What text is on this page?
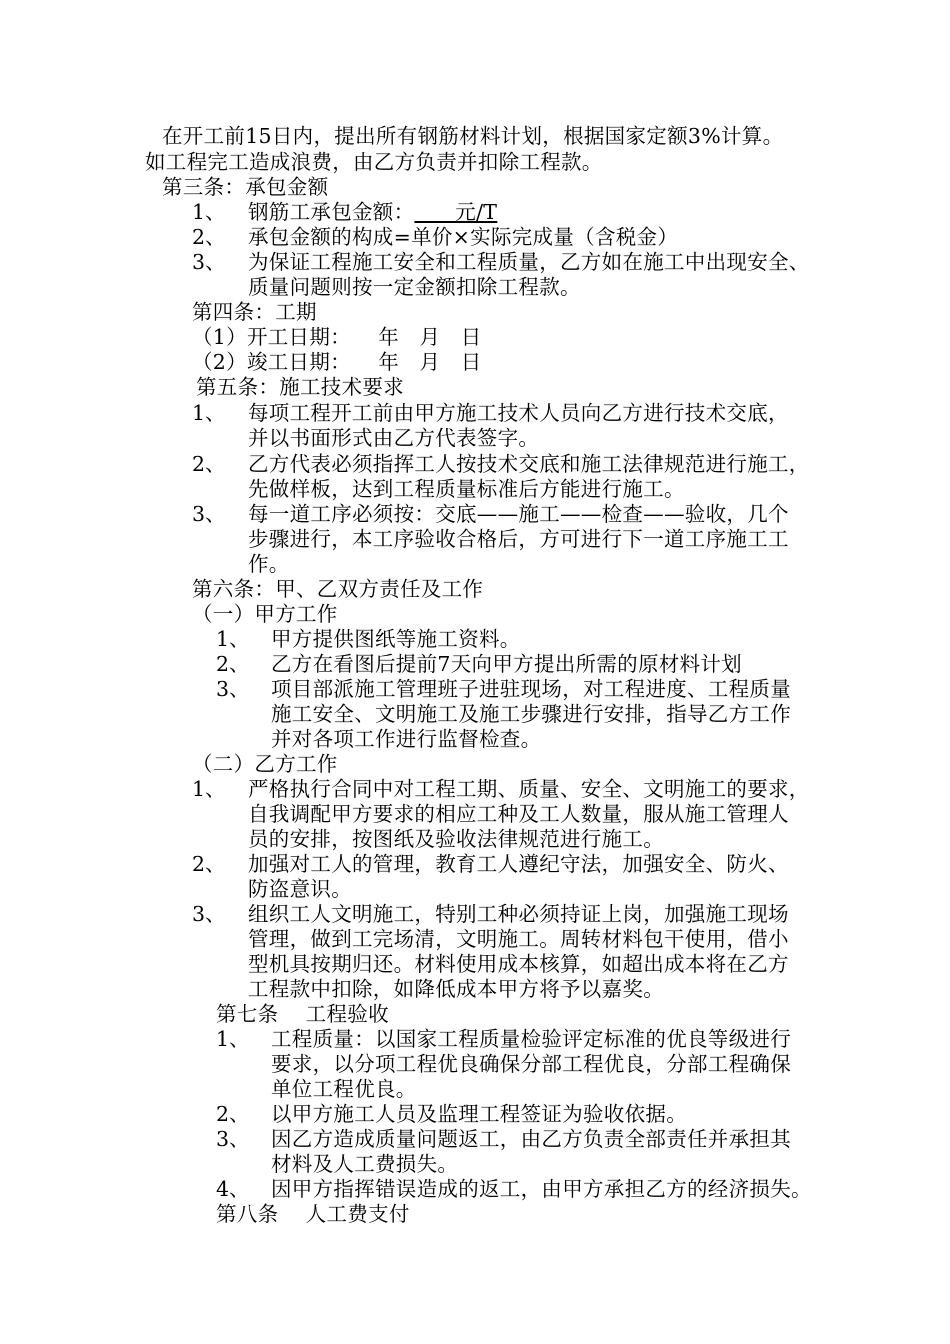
在开工前15日内，提出所有钢筋材料计划，根据国家定额3%计算。

如工程完工造成浪费，由乙方负责并扣除工程款。

第三条：承包金额

1、 钢筋工承包金额：      元/T

2、 承包金额的构成=单价×实际完成量（含税金）

3、 为保证工程施工安全和工程质量，乙方如在施工中出现安全、

质量问题则按一定金额扣除工程款。

第四条：工期

（1）开工日期：    年   月   日

（2）竣工日期：    年   月   日

第五条：施工技术要求

1、 每项工程开工前由甲方施工技术人员向乙方进行技术交底，

并以书面形式由乙方代表签字。

2、 乙方代表必须指挥工人按技术交底和施工法律规范进行施工，

先做样板，达到工程质量标准后方能进行施工。

3、 每一道工序必须按：交底——施工——检查——验收，几个

步骤进行，本工序验收合格后，方可进行下一道工序施工工

作。

第六条：甲、乙双方责任及工作

（一）甲方工作

1、 甲方提供图纸等施工资料。

2、 乙方在看图后提前7天向甲方提出所需的原材料计划

3、 项目部派施工管理班子进驻现场，对工程进度、工程质量

施工安全、文明施工及施工步骤进行安排，指导乙方工作

并对各项工作进行监督检查。

（二）乙方工作

1、 严格执行合同中对工程工期、质量、安全、文明施工的要求，

自我调配甲方要求的相应工种及工人数量，服从施工管理人

员的安排，按图纸及验收法律规范进行施工。

2、 加强对工人的管理，教育工人遵纪守法，加强安全、防火、

防盗意识。

3、 组织工人文明施工，特别工种必须持证上岗，加强施工现场

管理，做到工完场清，文明施工。周转材料包干使用，借小

型机具按期归还。材料使用成本核算，如超出成本将在乙方

工程款中扣除，如降低成本甲方将予以嘉奖。

第七条    工程验收

1、 工程质量：以国家工程质量检验评定标准的优良等级进行

要求，以分项工程优良确保分部工程优良，分部工程确保

单位工程优良。

2、 以甲方施工人员及监理工程签证为验收依据。

3、 因乙方造成质量问题返工，由乙方负责全部责任并承担其

材料及人工费损失。

4、 因甲方指挥错误造成的返工，由甲方承担乙方的经济损失。

第八条    人工费支付
